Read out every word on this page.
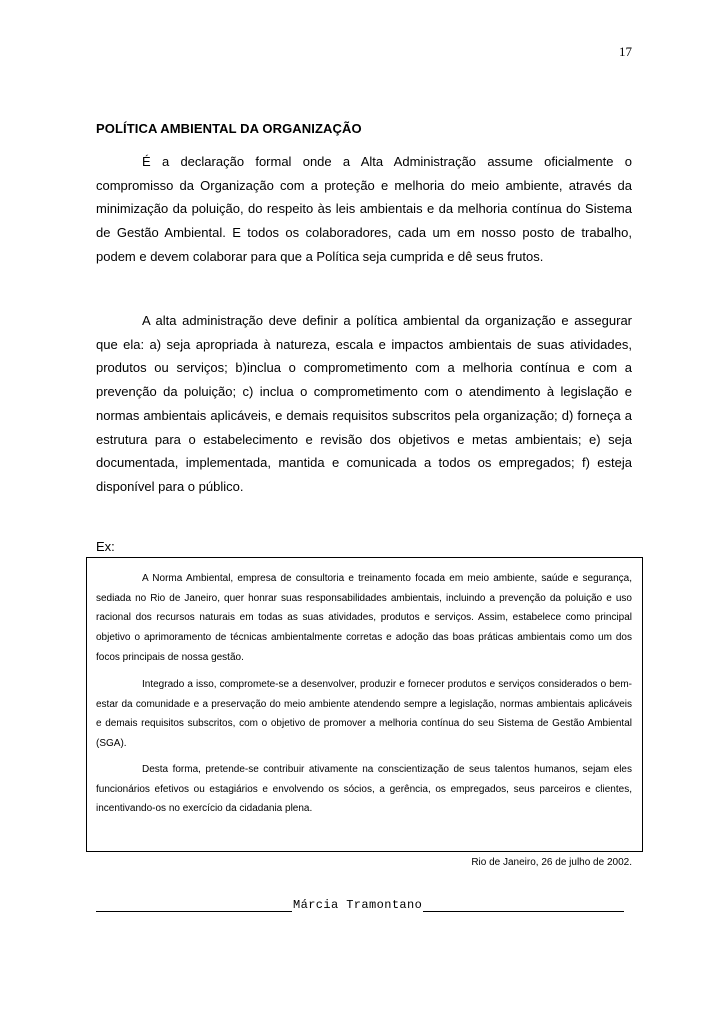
17
POLÍTICA AMBIENTAL DA ORGANIZAÇÃO

É a declaração formal onde a Alta Administração assume oficialmente o compromisso da Organização com a proteção e melhoria do meio ambiente, através da minimização da poluição, do respeito às leis ambientais e da melhoria contínua do Sistema de Gestão Ambiental. E todos os colaboradores, cada um em nosso posto de trabalho, podem e devem colaborar para que a Política seja cumprida e dê seus frutos.

A alta administração deve definir a política ambiental da organização e assegurar que ela: a) seja apropriada à natureza, escala e impactos ambientais de suas atividades, produtos ou serviços; b)inclua o comprometimento com a melhoria contínua e com a prevenção da poluição; c) inclua o comprometimento com o atendimento à legislação e normas ambientais aplicáveis, e demais requisitos subscritos pela organização; d) forneça a estrutura para o estabelecimento e revisão dos objetivos e metas ambientais; e) seja documentada, implementada, mantida e comunicada a todos os empregados; f) esteja disponível para o público.

Ex:

A Norma Ambiental, empresa de consultoria e treinamento focada em meio ambiente, saúde e segurança, sediada no Rio de Janeiro, quer honrar suas responsabilidades ambientais, incluindo a prevenção da poluição e uso racional dos recursos naturais em todas as suas atividades, produtos e serviços. Assim, estabelece como principal objetivo o aprimoramento de técnicas ambientalmente corretas e adoção das boas práticas ambientais como um dos focos principais de nossa gestão.

Integrado a isso, compromete-se a desenvolver, produzir e fornecer produtos e serviços considerados o bem-estar da comunidade e a preservação do meio ambiente atendendo sempre a legislação, normas ambientais aplicáveis e demais requisitos subscritos, com o objetivo de promover a melhoria contínua do seu Sistema de Gestão Ambiental (SGA).

Desta forma, pretende-se contribuir ativamente na conscientização de seus talentos humanos, sejam eles funcionários efetivos ou estagiários e envolvendo os sócios, a gerência, os empregados, seus parceiros e clientes, incentivando-os no exercício da cidadania plena.

Rio de Janeiro, 26 de julho de 2002.
Márcia Tramontano
